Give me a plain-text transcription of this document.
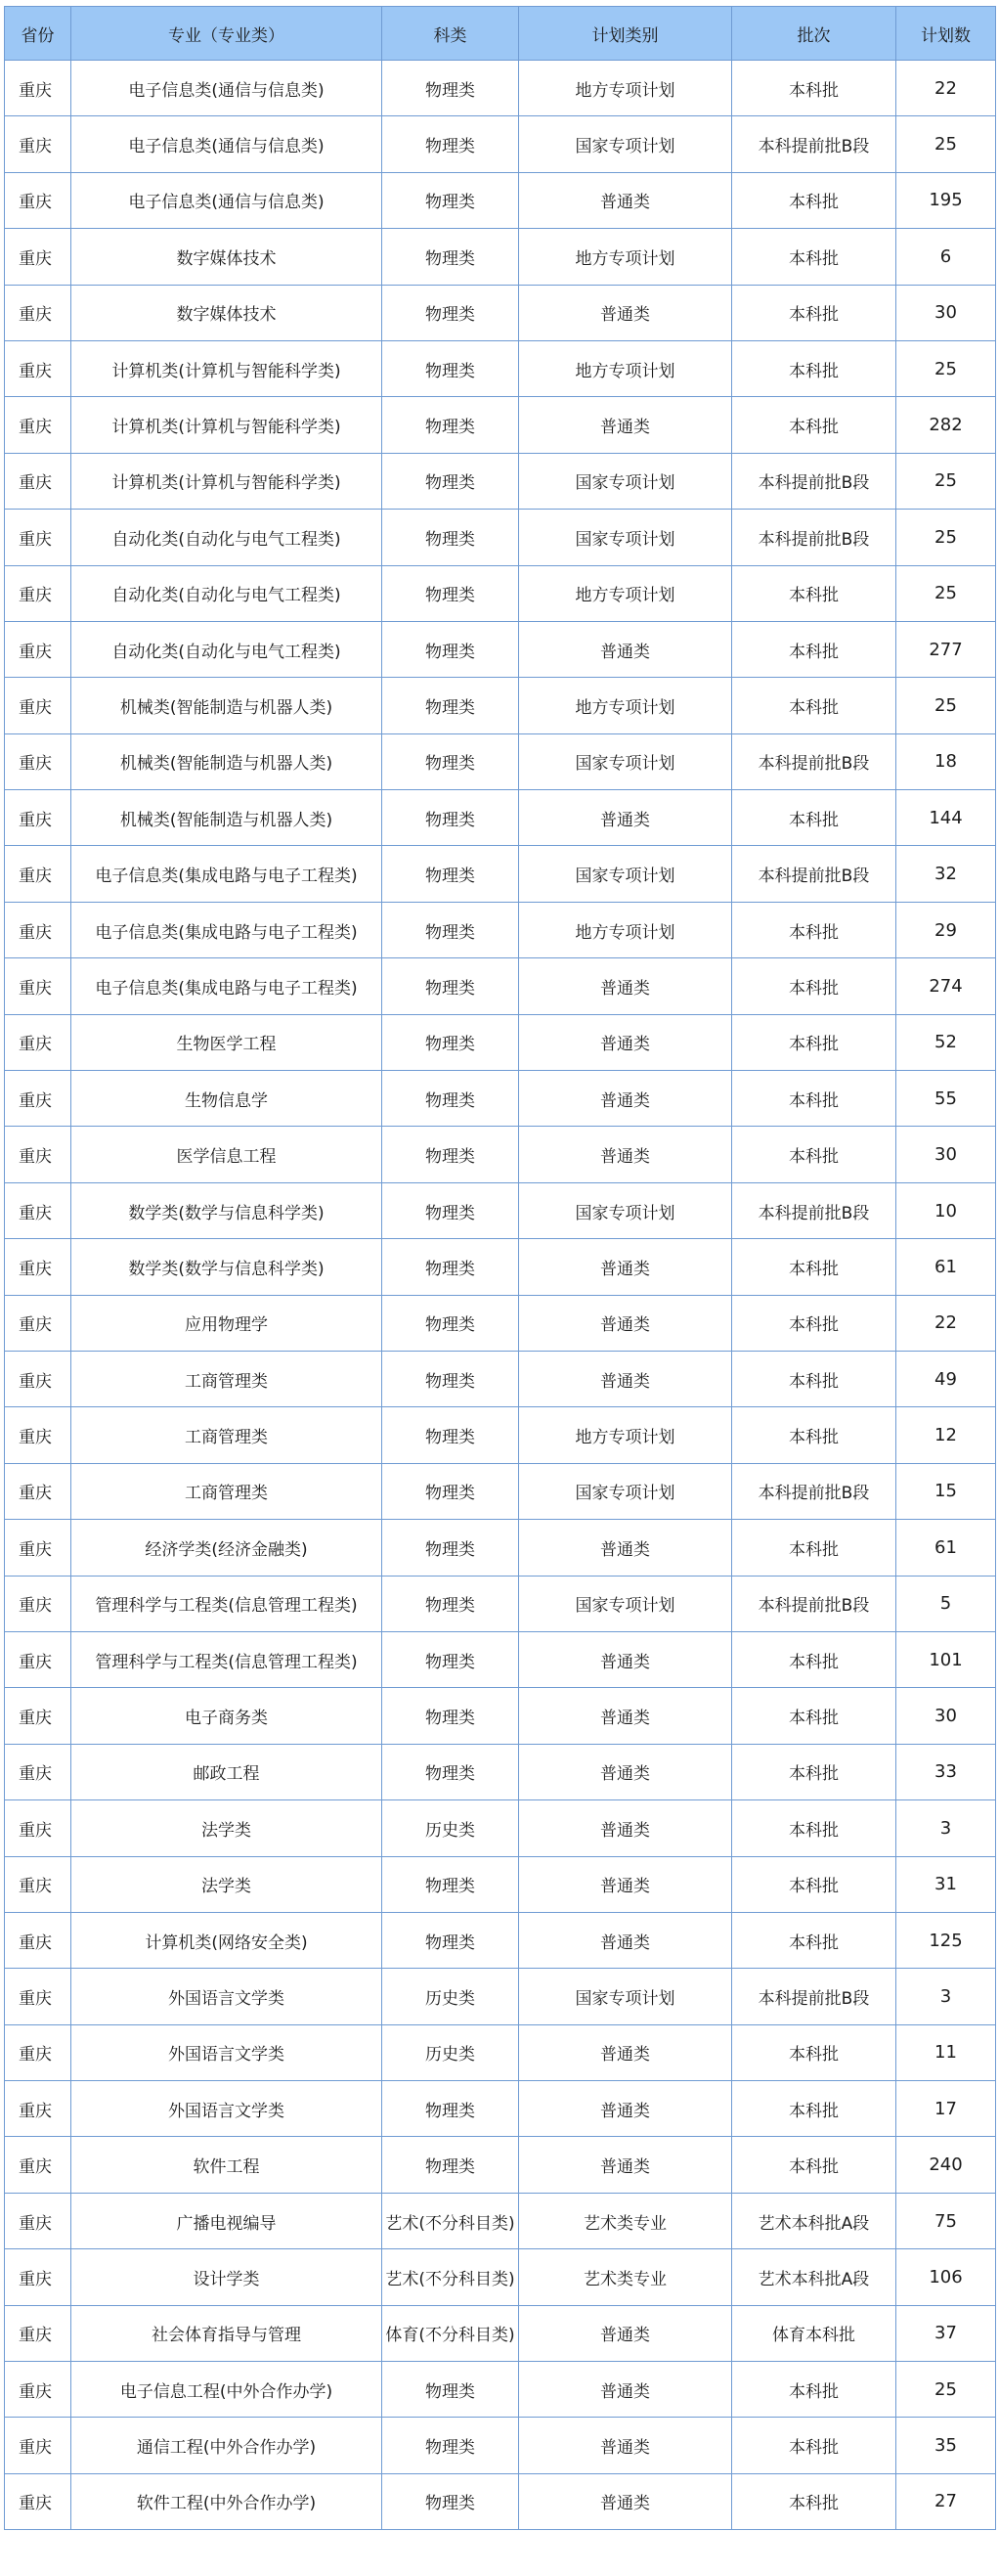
省份	专业（专业类）	科类	计划类别	批次	计划数
重庆	电子信息类(通信与信息类)	物理类	地方专项计划	本科批	22
重庆	电子信息类(通信与信息类)	物理类	国家专项计划	本科提前批B段	25
重庆	电子信息类(通信与信息类)	物理类	普通类	本科批	195
重庆	数字媒体技术	物理类	地方专项计划	本科批	6
重庆	数字媒体技术	物理类	普通类	本科批	30
重庆	计算机类(计算机与智能科学类)	物理类	地方专项计划	本科批	25
重庆	计算机类(计算机与智能科学类)	物理类	普通类	本科批	282
重庆	计算机类(计算机与智能科学类)	物理类	国家专项计划	本科提前批B段	25
重庆	自动化类(自动化与电气工程类)	物理类	国家专项计划	本科提前批B段	25
重庆	自动化类(自动化与电气工程类)	物理类	地方专项计划	本科批	25
重庆	自动化类(自动化与电气工程类)	物理类	普通类	本科批	277
重庆	机械类(智能制造与机器人类)	物理类	地方专项计划	本科批	25
重庆	机械类(智能制造与机器人类)	物理类	国家专项计划	本科提前批B段	18
重庆	机械类(智能制造与机器人类)	物理类	普通类	本科批	144
重庆	电子信息类(集成电路与电子工程类)	物理类	国家专项计划	本科提前批B段	32
重庆	电子信息类(集成电路与电子工程类)	物理类	地方专项计划	本科批	29
重庆	电子信息类(集成电路与电子工程类)	物理类	普通类	本科批	274
重庆	生物医学工程	物理类	普通类	本科批	52
重庆	生物信息学	物理类	普通类	本科批	55
重庆	医学信息工程	物理类	普通类	本科批	30
重庆	数学类(数学与信息科学类)	物理类	国家专项计划	本科提前批B段	10
重庆	数学类(数学与信息科学类)	物理类	普通类	本科批	61
重庆	应用物理学	物理类	普通类	本科批	22
重庆	工商管理类	物理类	普通类	本科批	49
重庆	工商管理类	物理类	地方专项计划	本科批	12
重庆	工商管理类	物理类	国家专项计划	本科提前批B段	15
重庆	经济学类(经济金融类)	物理类	普通类	本科批	61
重庆	管理科学与工程类(信息管理工程类)	物理类	国家专项计划	本科提前批B段	5
重庆	管理科学与工程类(信息管理工程类)	物理类	普通类	本科批	101
重庆	电子商务类	物理类	普通类	本科批	30
重庆	邮政工程	物理类	普通类	本科批	33
重庆	法学类	历史类	普通类	本科批	3
重庆	法学类	物理类	普通类	本科批	31
重庆	计算机类(网络安全类)	物理类	普通类	本科批	125
重庆	外国语言文学类	历史类	国家专项计划	本科提前批B段	3
重庆	外国语言文学类	历史类	普通类	本科批	11
重庆	外国语言文学类	物理类	普通类	本科批	17
重庆	软件工程	物理类	普通类	本科批	240
重庆	广播电视编导	艺术(不分科目类)	艺术类专业	艺术本科批A段	75
重庆	设计学类	艺术(不分科目类)	艺术类专业	艺术本科批A段	106
重庆	社会体育指导与管理	体育(不分科目类)	普通类	体育本科批	37
重庆	电子信息工程(中外合作办学)	物理类	普通类	本科批	25
重庆	通信工程(中外合作办学)	物理类	普通类	本科批	35
重庆	软件工程(中外合作办学)	物理类	普通类	本科批	27
